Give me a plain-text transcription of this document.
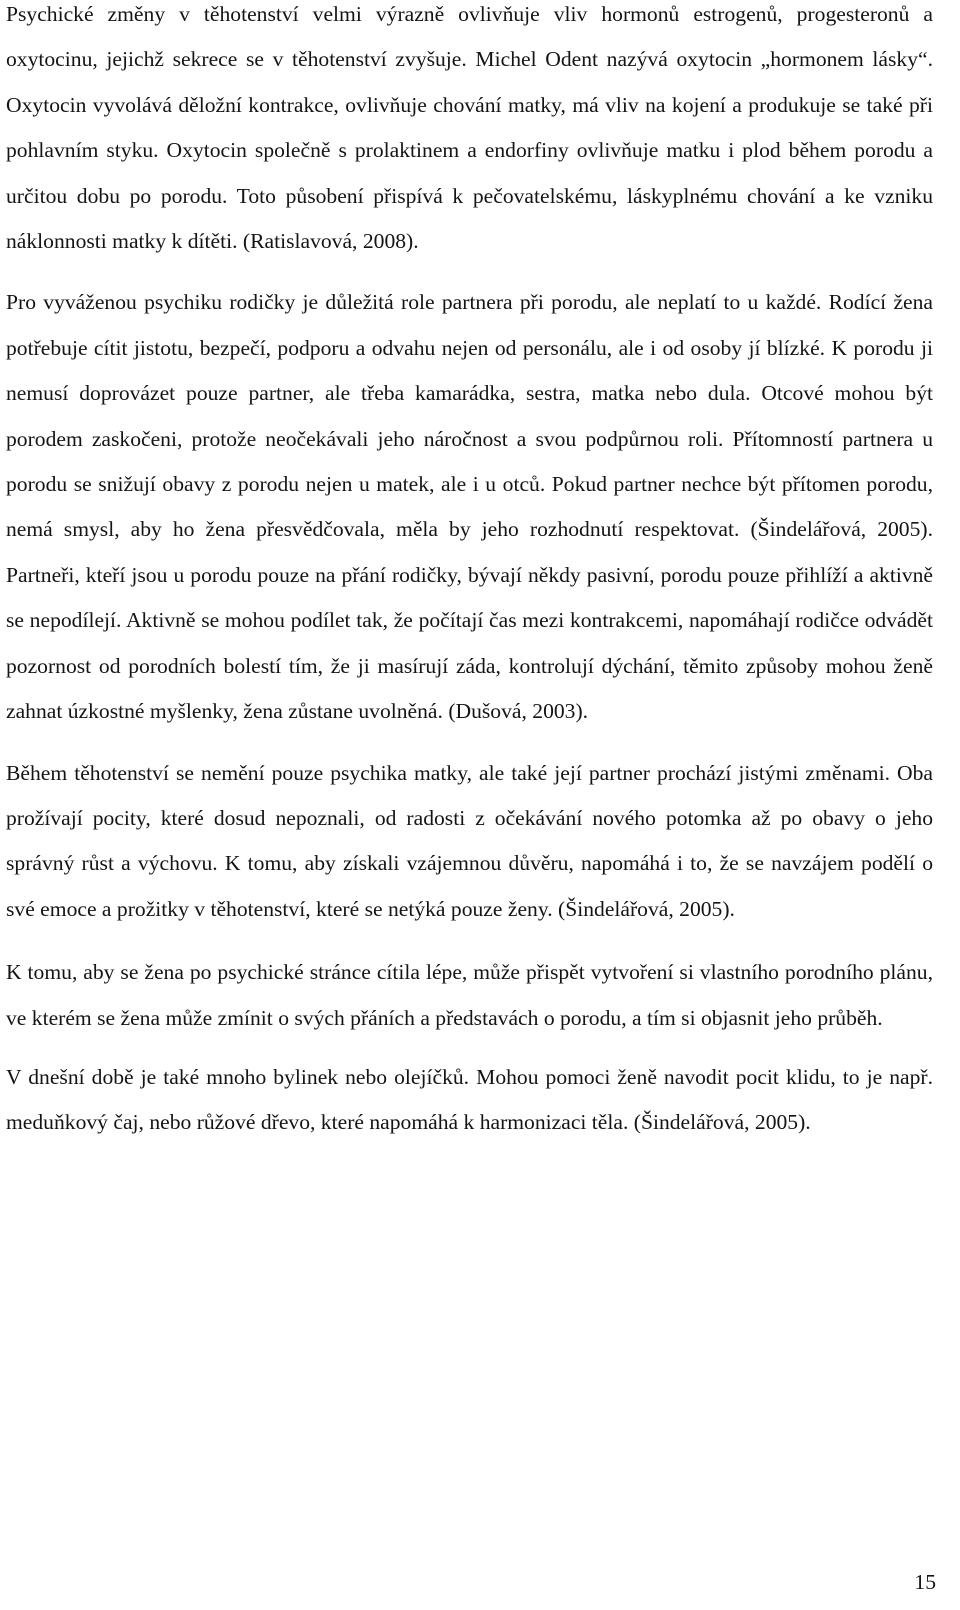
Psychické změny v těhotenství velmi výrazně ovlivňuje vliv hormonů estrogenů, progesteronů a oxytocinu, jejichž sekrece se v těhotenství zvyšuje. Michel Odent nazývá oxytocin „hormonem lásky“. Oxytocin vyvolává děložní kontrakce, ovlivňuje chování matky, má vliv na kojení a produkuje se také při pohlavním styku. Oxytocin společně s prolaktinem a endorfiny ovlivňuje matku i plod během porodu a určitou dobu po porodu. Toto působení přispívá k pečovatelskému, láskyplnému chování a ke vzniku náklonnosti matky k dítěti. (Ratislavová, 2008).

Pro vyváženou psychiku rodičky je důležitá role partnera při porodu, ale neplatí to u každé. Rodící žena potřebuje cítit jistotu, bezpečí, podporu a odvahu nejen od personálu, ale i od osoby jí blízké. K porodu ji nemusí doprovázet pouze partner, ale třeba kamarádka, sestra, matka nebo dula. Otcové mohou být porodem zaskočeni, protože neočekávali jeho náročnost a svou podpůrnou roli. Přítomností partnera u porodu se snižují obavy z porodu nejen u matek, ale i u otců. Pokud partner nechce být přítomen porodu, nemá smysl, aby ho žena přesvědčovala, měla by jeho rozhodnutí respektovat. (Šindelářová, 2005). Partneři, kteří jsou u porodu pouze na přání rodičky, bývají někdy pasivní, porodu pouze přihlíží a aktivně se nepodílejí. Aktivně se mohou podílet tak, že počítají čas mezi kontrakcemi, napomáhají rodičce odvádět pozornost od porodních bolestí tím, že ji masírují záda, kontrolují dýchání, těmito způsoby mohou ženě zahnat úzkostné myšlenky, žena zůstane uvolněná. (Dušová, 2003).

Během těhotenství se nemění pouze psychika matky, ale také její partner prochází jistými změnami. Oba prožívají pocity, které dosud nepoznali, od radosti z očekávání nového potomka až po obavy o jeho správný růst a výchovu. K tomu, aby získali vzájemnou důvěru, napomáhá i to, že se navzájem podělí o své emoce a prožitky v těhotenství, které se netýká pouze ženy. (Šindelářová, 2005).

K tomu, aby se žena po psychické stránce cítila lépe, může přispět vytvoření si vlastního porodního plánu, ve kterém se žena může zmínit o svých přáních a představách o porodu, a tím si objasnit jeho průběh.

V dnešní době je také mnoho bylinek nebo olejíčků. Mohou pomoci ženě navodit pocit klidu, to je např. meduňkový čaj, nebo růžové dřevo, které napomáhá k harmonizaci těla. (Šindelářová, 2005).

15
